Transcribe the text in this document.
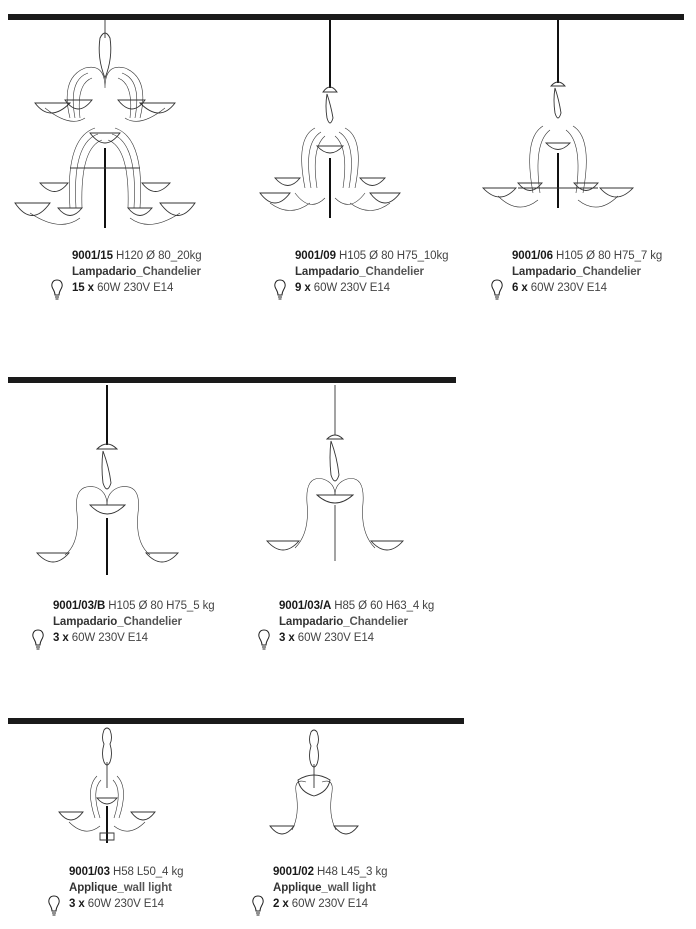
9001/15 H120 Ø 80_20kg
Lampadario_Chandelier
15 x 60W 230V E14
9001/09 H105 Ø 80 H75_10kg
Lampadario_Chandelier
9 x 60W 230V E14
9001/06 H105 Ø 80 H75_7 kg
Lampadario_Chandelier
6 x 60W 230V E14
9001/03/B H105 Ø 80 H75_5 kg
Lampadario_Chandelier
3 x 60W 230V E14
9001/03/A H85 Ø 60 H63_4 kg
Lampadario_Chandelier
3 x 60W 230V E14
9001/03 H58 L50_4 kg
Applique_wall light
3 x 60W 230V E14
9001/02 H48 L45_3 kg
Applique_wall light
2 x 60W 230V E14
